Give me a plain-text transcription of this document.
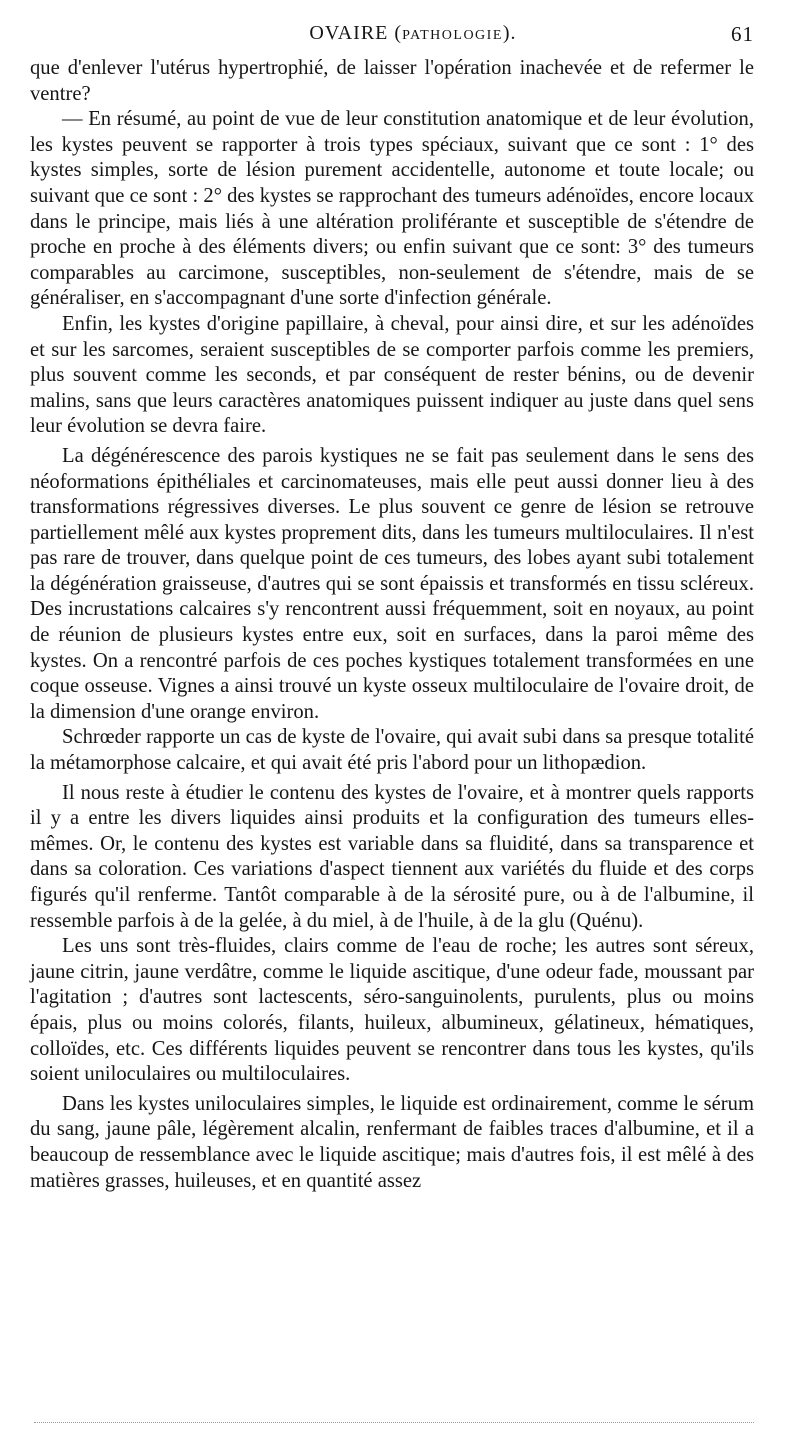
OVAIRE (PATHOLOGIE).	61

que d'enlever l'utérus hypertrophié, de laisser l'opération inachevée et de refermer le ventre?

— En résumé, au point de vue de leur constitution anatomique et de leur évolution, les kystes peuvent se rapporter à trois types spéciaux, suivant que ce sont : 1° des kystes simples, sorte de lésion purement accidentelle, autonome et toute locale; ou suivant que ce sont : 2° des kystes se rapprochant des tumeurs adénoïdes, encore locaux dans le principe, mais liés à une altération proliférante et susceptible de s'étendre de proche en proche à des éléments divers; ou enfin suivant que ce sont: 3° des tumeurs comparables au carcimone, susceptibles, non-seulement de s'étendre, mais de se généraliser, en s'accompagnant d'une sorte d'infection générale.

Enfin, les kystes d'origine papillaire, à cheval, pour ainsi dire, et sur les adénoïdes et sur les sarcomes, seraient susceptibles de se comporter parfois comme les premiers, plus souvent comme les seconds, et par conséquent de rester bénins, ou de devenir malins, sans que leurs caractères anatomiques puissent indiquer au juste dans quel sens leur évolution se devra faire.

La dégénérescence des parois kystiques ne se fait pas seulement dans le sens des néoformations épithéliales et carcinomateuses, mais elle peut aussi donner lieu à des transformations régressives diverses. Le plus souvent ce genre de lésion se retrouve partiellement mêlé aux kystes proprement dits, dans les tumeurs multiloculaires. Il n'est pas rare de trouver, dans quelque point de ces tumeurs, des lobes ayant subi totalement la dégénération graisseuse, d'autres qui se sont épaissis et transformés en tissu scléreux. Des incrustations calcaires s'y rencontrent aussi fréquemment, soit en noyaux, au point de réunion de plusieurs kystes entre eux, soit en surfaces, dans la paroi même des kystes. On a rencontré parfois de ces poches kystiques totalement transformées en une coque osseuse. Vignes a ainsi trouvé un kyste osseux multiloculaire de l'ovaire droit, de la dimension d'une orange environ.

Schrœder rapporte un cas de kyste de l'ovaire, qui avait subi dans sa presque totalité la métamorphose calcaire, et qui avait été pris l'abord pour un lithopædion.

Il nous reste à étudier le contenu des kystes de l'ovaire, et à montrer quels rapports il y a entre les divers liquides ainsi produits et la configuration des tumeurs elles-mêmes. Or, le contenu des kystes est variable dans sa fluidité, dans sa transparence et dans sa coloration. Ces variations d'aspect tiennent aux variétés du fluide et des corps figurés qu'il renferme. Tantôt comparable à de la sérosité pure, ou à de l'albumine, il ressemble parfois à de la gelée, à du miel, à de l'huile, à de la glu (Quénu).

Les uns sont très-fluides, clairs comme de l'eau de roche; les autres sont séreux, jaune citrin, jaune verdâtre, comme le liquide ascitique, d'une odeur fade, moussant par l'agitation ; d'autres sont lactescents, séro-sanguinolents, purulents, plus ou moins épais, plus ou moins colorés, filants, huileux, albumineux, gélatineux, hématiques, colloïdes, etc. Ces différents liquides peuvent se rencontrer dans tous les kystes, qu'ils soient uniloculaires ou multiloculaires.

Dans les kystes uniloculaires simples, le liquide est ordinairement, comme le sérum du sang, jaune pâle, légèrement alcalin, renfermant de faibles traces d'albumine, et il a beaucoup de ressemblance avec le liquide ascitique; mais d'autres fois, il est mêlé à des matières grasses, huileuses, et en quantité assez
